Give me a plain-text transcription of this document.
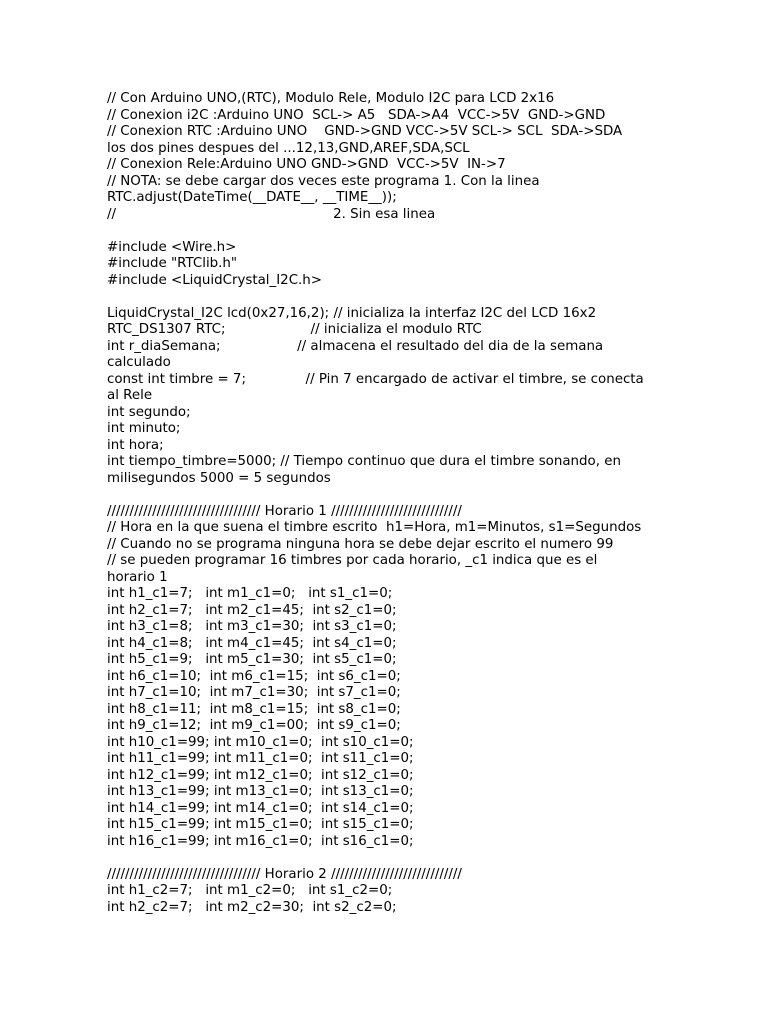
// Con Arduino UNO,(RTC), Modulo Rele, Modulo I2C para LCD 2x16
// Conexion i2C :Arduino UNO  SCL-> A5   SDA->A4  VCC->5V  GND->GND
// Conexion RTC :Arduino UNO    GND->GND VCC->5V SCL-> SCL  SDA->SDA
los dos pines despues del ...12,13,GND,AREF,SDA,SCL
// Conexion Rele:Arduino UNO GND->GND  VCC->5V  IN->7
// NOTA: se debe cargar dos veces este programa 1. Con la linea
RTC.adjust(DateTime(__DATE__, __TIME__));
//                                                   2. Sin esa linea
#include <Wire.h>
#include "RTClib.h"
#include <LiquidCrystal_I2C.h>
LiquidCrystal_I2C lcd(0x27,16,2); // inicializa la interfaz I2C del LCD 16x2
RTC_DS1307 RTC;                    // inicializa el modulo RTC
int r_diaSemana;                  // almacena el resultado del dia de la semana
calculado
const int timbre = 7;              // Pin 7 encargado de activar el timbre, se conecta
al Rele
int segundo;
int minuto;
int hora;
int tiempo_timbre=5000; // Tiempo continuo que dura el timbre sonando, en
milisegundos 5000 = 5 segundos
////////////////////////////////// Horario 1 /////////////////////////////
// Hora en la que suena el timbre escrito  h1=Hora, m1=Minutos, s1=Segundos
// Cuando no se programa ninguna hora se debe dejar escrito el numero 99
// se pueden programar 16 timbres por cada horario, _c1 indica que es el
horario 1
int h1_c1=7;   int m1_c1=0;   int s1_c1=0;
int h2_c1=7;   int m2_c1=45;  int s2_c1=0;
int h3_c1=8;   int m3_c1=30;  int s3_c1=0;
int h4_c1=8;   int m4_c1=45;  int s4_c1=0;
int h5_c1=9;   int m5_c1=30;  int s5_c1=0;
int h6_c1=10;  int m6_c1=15;  int s6_c1=0;
int h7_c1=10;  int m7_c1=30;  int s7_c1=0;
int h8_c1=11;  int m8_c1=15;  int s8_c1=0;
int h9_c1=12;  int m9_c1=00;  int s9_c1=0;
int h10_c1=99; int m10_c1=0;  int s10_c1=0;
int h11_c1=99; int m11_c1=0;  int s11_c1=0;
int h12_c1=99; int m12_c1=0;  int s12_c1=0;
int h13_c1=99; int m13_c1=0;  int s13_c1=0;
int h14_c1=99; int m14_c1=0;  int s14_c1=0;
int h15_c1=99; int m15_c1=0;  int s15_c1=0;
int h16_c1=99; int m16_c1=0;  int s16_c1=0;
////////////////////////////////// Horario 2 /////////////////////////////
int h1_c2=7;   int m1_c2=0;   int s1_c2=0;
int h2_c2=7;   int m2_c2=30;  int s2_c2=0;
